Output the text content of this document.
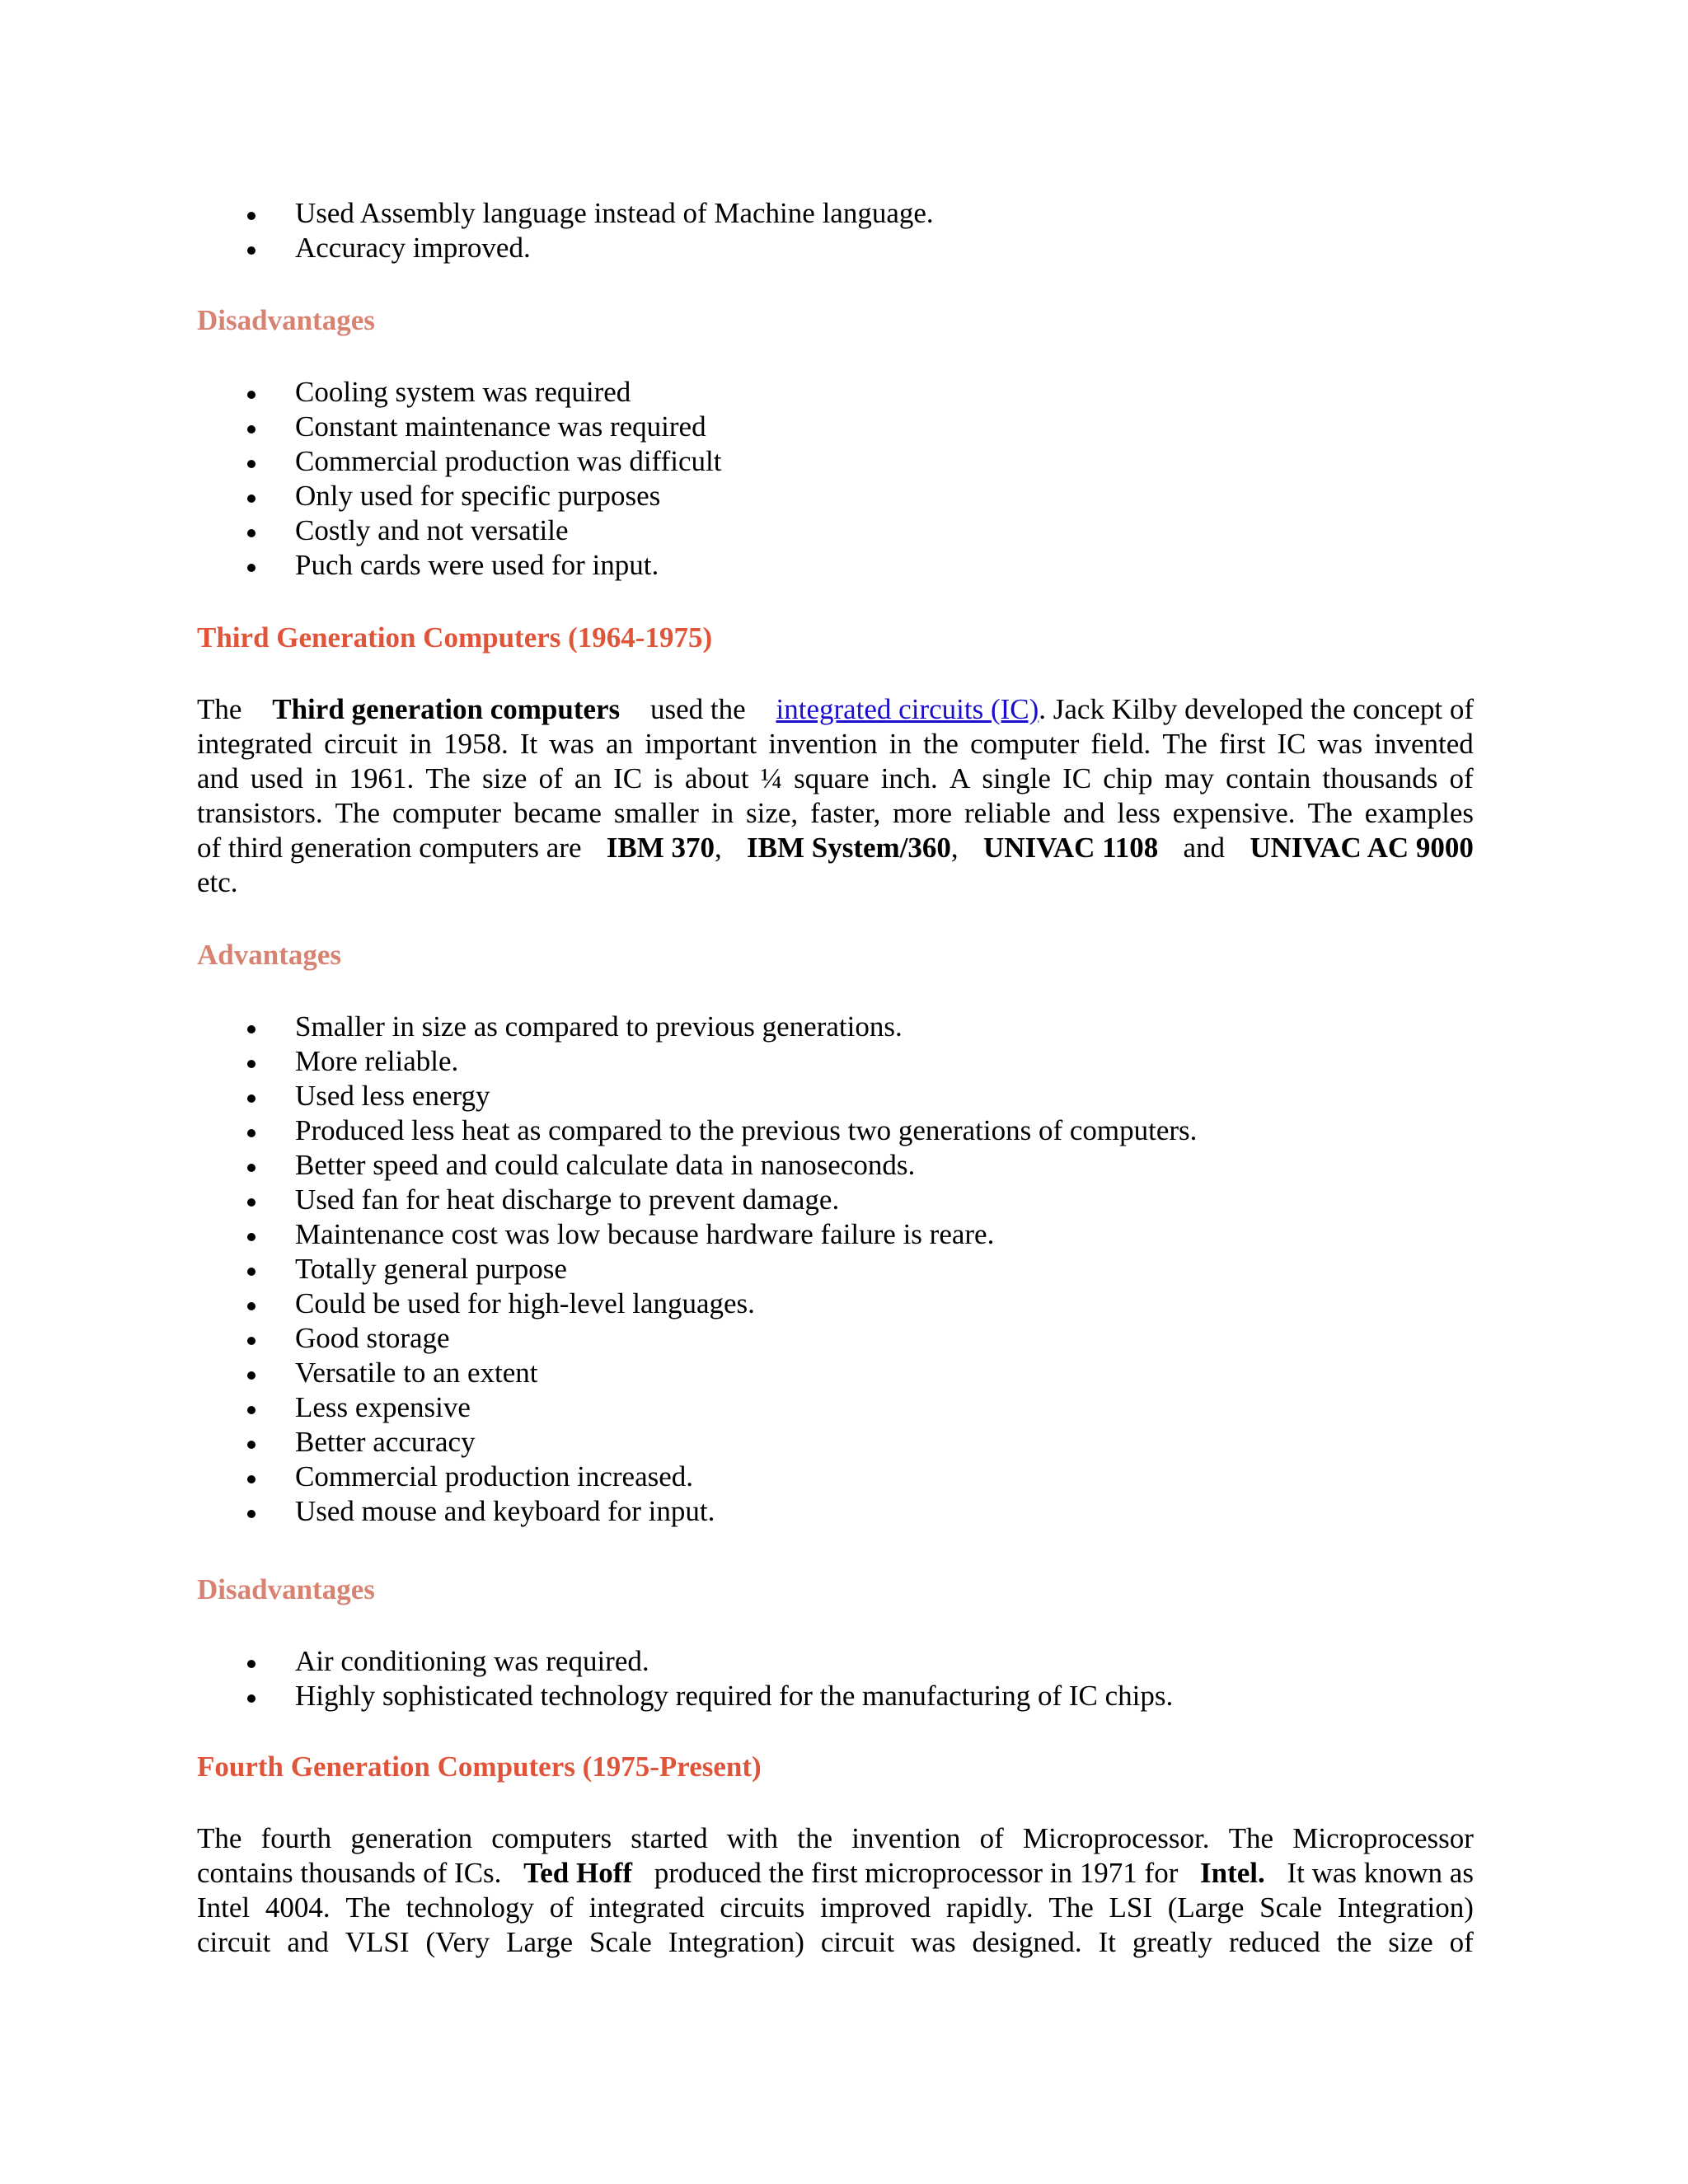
Used Assembly language instead of Machine language.
Accuracy improved.
Disadvantages
Cooling system was required
Constant maintenance was required
Commercial production was difficult
Only used for specific purposes
Costly and not versatile
Puch cards were used for input.
Third Generation Computers (1964-1975)
The Third generation computers used the integrated circuits (IC) . Jack Kilby developed the concept of
integrated circuit in 1958. It was an important invention in the computer field. The first IC was invented
and used in 1961. The size of an IC is about ¼ square inch. A single IC chip may contain thousands of
transistors. The computer became smaller in size, faster, more reliable and less expensive. The examples
of third generation computers are IBM 370 , IBM System/360 , UNIVAC 1108 and UNIVAC AC 9000
etc.
Advantages
Smaller in size as compared to previous generations.
More reliable.
Used less energy
Produced less heat as compared to the previous two generations of computers.
Better speed and could calculate data in nanoseconds.
Used fan for heat discharge to prevent damage.
Maintenance cost was low because hardware failure is reare.
Totally general purpose
Could be used for high-level languages.
Good storage
Versatile to an extent
Less expensive
Better accuracy
Commercial production increased.
Used mouse and keyboard for input.
Disadvantages
Air conditioning was required.
Highly sophisticated technology required for the manufacturing of IC chips.
Fourth Generation Computers (1975-Present)
The fourth generation computers started with the invention of Microprocessor. The Microprocessor
contains thousands of ICs. Ted Hoff produced the first microprocessor in 1971 for Intel. It was known as
Intel 4004. The technology of integrated circuits improved rapidly. The LSI (Large Scale Integration)
circuit and VLSI (Very Large Scale Integration) circuit was designed. It greatly reduced the size of
